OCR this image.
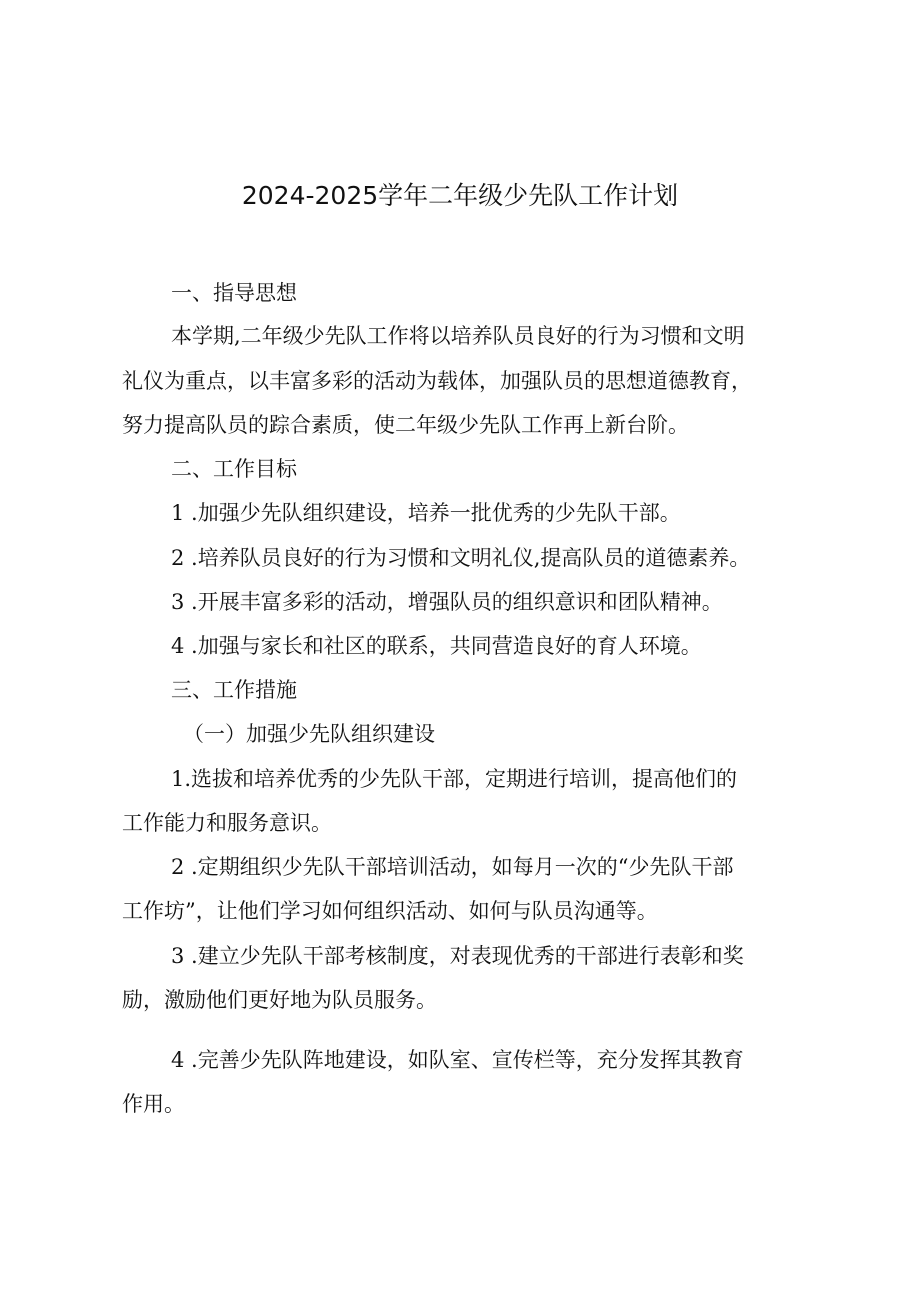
2024-2025学年二年级少先队工作计划

一、指导思想

本学期,二年级少先队工作将以培养队员良好的行为习惯和文明

礼仪为重点，以丰富多彩的活动为载体，加强队员的思想道德教育，

努力提高队员的踪合素质，使二年级少先队工作再上新台阶。

二、工作目标

1 .加强少先队组织建设，培养一批优秀的少先队干部。

2 .培养队员良好的行为习惯和文明礼仪,提高队员的道德素养。

3 .开展丰富多彩的活动，增强队员的组织意识和团队精神。

4 .加强与家长和社区的联系，共同营造良好的育人环境。

三、工作措施

（一）加强少先队组织建设

1.选拔和培养优秀的少先队干部，定期进行培训，提高他们的

工作能力和服务意识。

2 .定期组织少先队干部培训活动，如每月一次的“少先队干部

工作坊”，让他们学习如何组织活动、如何与队员沟通等。

3 .建立少先队干部考核制度，对表现优秀的干部进行表彰和奖

励，激励他们更好地为队员服务。

4 .完善少先队阵地建设，如队室、宣传栏等，充分发挥其教育

作用。
